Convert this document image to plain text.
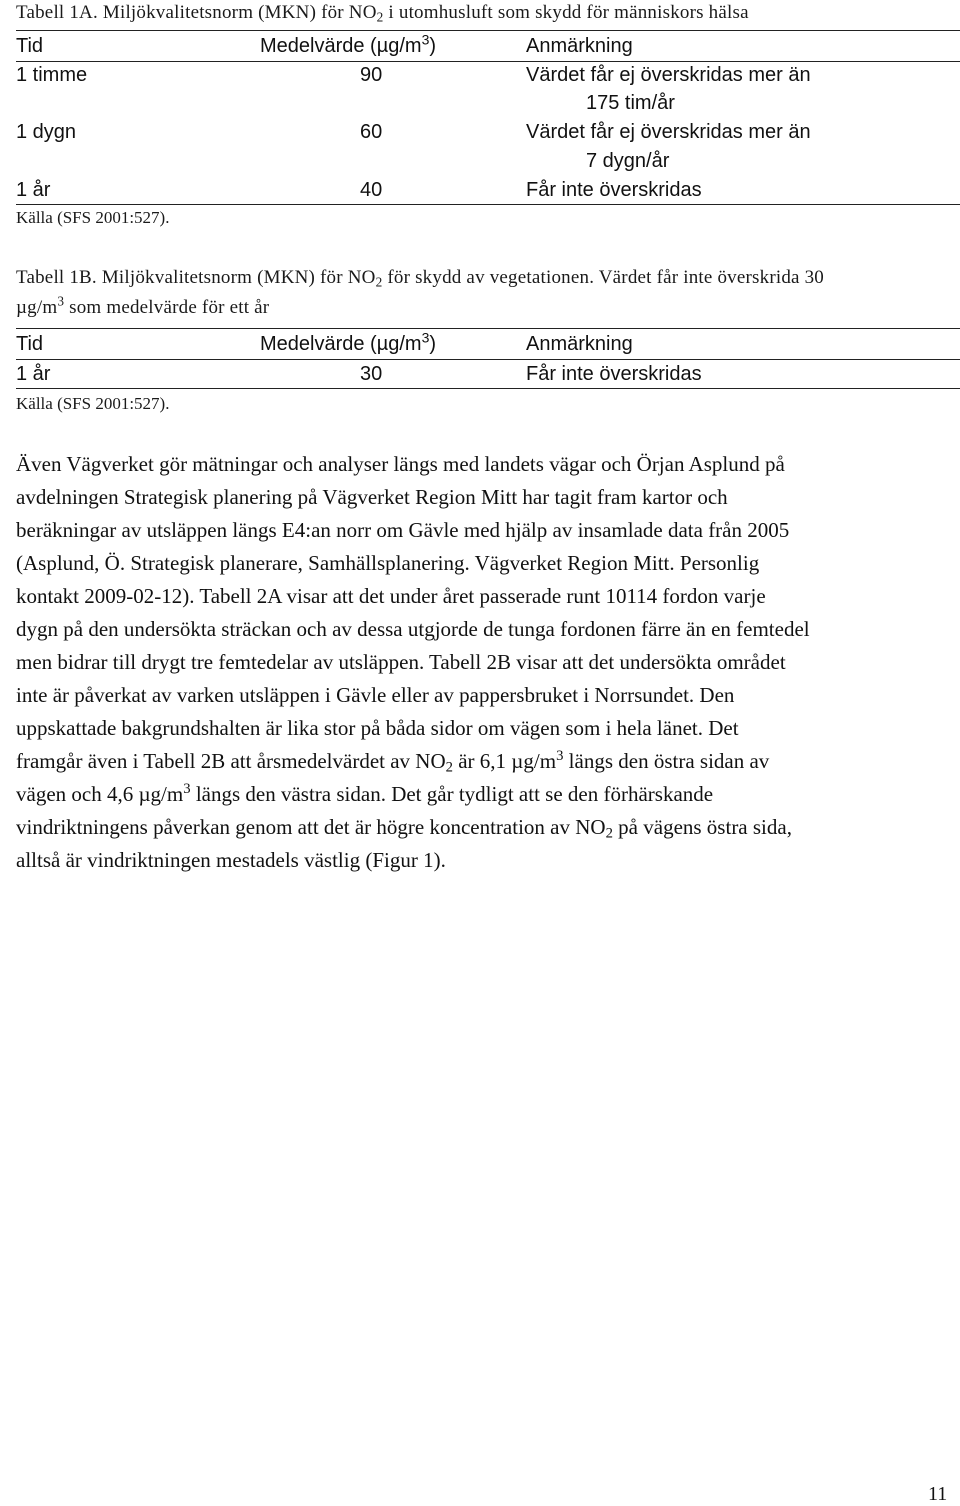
Tabell 1A. Miljökvalitetsnorm (MKN) för $NO_2$ i utomhusluft som skydd för människors hälsa
Tid	Medelvärde $(\mu g/m^3)$	Anmärkning
1 timme	90	Värdet får ej överskridas mer än
175 tim/år
1 dygn	60	Värdet får ej överskridas mer än
7 dygn/år
1 år	40	Får inte överskridas
Källa (SFS 2001:527).
Tabell 1B. Miljökvalitetsnorm (MKN) för $NO_2$ för skydd av vegetationen. Värdet får inte överskrida 30
$\mu g/m^3$ som medelvärde för ett år
Tid	Medelvärde $(\mu g/m^3)$	Anmärkning
1 år	30	Får inte överskridas
Källa (SFS 2001:527).
Även Vägverket gör mätningar och analyser längs med landets vägar och Örjan Asplund på
avdelningen Strategisk planering på Vägverket Region Mitt har tagit fram kartor och
beräkningar av utsläppen längs E4:an norr om Gävle med hjälp av insamlade data från 2005
(Asplund, Ö. Strategisk planerare, Samhällsplanering. Vägverket Region Mitt. Personlig
kontakt 2009-02-12). Tabell 2A visar att det under året passerade runt 10114 fordon varje
dygn på den undersökta sträckan och av dessa utgjorde de tunga fordonen färre än en femtedel
men bidrar till drygt tre femtedelar av utsläppen. Tabell 2B visar att det undersökta området
inte är påverkat av varken utsläppen i Gävle eller av pappersbruket i Norrsundet. Den
uppskattade bakgrundshalten är lika stor på båda sidor om vägen som i hela länet. Det
framgår även i Tabell 2B att årsmedelvärdet av $NO_2$ är 6,1 $\mu g/m^3$ längs den östra sidan av
vägen och 4,6 $\mu g/m^3$ längs den västra sidan. Det går tydligt att se den förhärskande
vindriktningens påverkan genom att det är högre koncentration av $NO_2$ på vägens östra sida,
alltså är vindriktningen mestadels västlig (Figur 1).
11
